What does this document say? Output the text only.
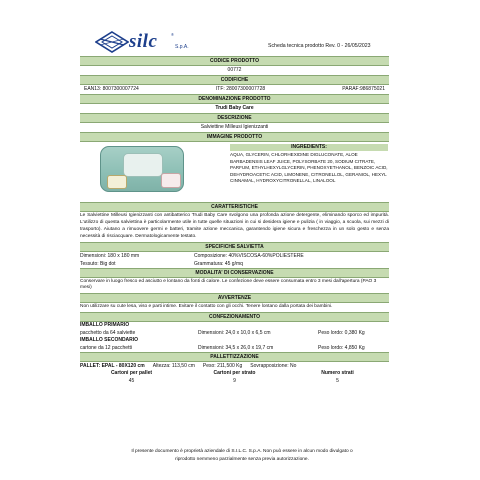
silc	®
S.p.A.	Scheda tecnica prodotto Rev. 0 - 26/05/2023
CODICE PRODOTTO
00772
CODIFICHE
EAN13: 8007300007724	ITF: 28007300007728	PARAF:986875021
DENOMINAZIONE PRODOTTO
Trudi Baby Care
DESCRIZIONE
Salviettine Millеusi Igienizzanti
IMMAGINE PRODOTTO
INGREDIENTS:
AQUA, GLYCERIN, CHLORHEXIDINE DIGLUCONATE, ALOE BARBADENSIS LEAF JUICE, POLYSORBATE 20, SODIUM CITRATE, PARFUM, ETHYLHEXYLGLYCERIN, PHENOXYETHANOL, BENZOIC ACID, DEHYDROACETIC ACID, LIMONENE, CITRONELLOL, GERANIOL, HEXYL CINNAMAL, HYDROXYCITRONELLAL, LINALOOL
CARATTERISTICHE
Le Salviettine Milleusi Igienizzanti con antibatterico Trudi Baby Care svolgono una profonda azione detergente, eliminando sporco ed impurità. L'utilizzo di questa salviettina è particolarmente utile in tutte quelle situazioni in cui si desidera igiene e pulizia ( in viaggio, a scuola, sui mezzi di trasporto). Aiutano a rimuovere germi e batteri, tramite azione meccanica, garantendo igiene sicura e freschezza in un solo gesto e senza necessità di risciacquare. Dermatologicamente testato.
SPECIFICHE SALVIETTA
Dimensioni: 180 x 180 mm	Composizione: 40%VISCOSA-60%POLIESTERE
Tessuto: Big dot	Grammatura: 45 g/mq
MODALITA' DI CONSERVAZIONE
Conservare in luogo fresco ed asciutto e lontano da fonti di calore. Le confezione deve essere consumata entro 3 mesi dall'apertura (PAO 3 mesi)
AVVERTENZE
Non utilizzare su cute lesa, viso e parti intime. Evitare il contatto con gli occhi. Tenere lontano dalla portata dei bambini.
CONFEZIONAMENTO
IMBALLO PRIMARIO
pacchetto da 64 salviette	Dimensioni: 24,0 x 10,0 x 6,5 cm	Peso lordo: 0,380 Kg
IMBALLO SECONDARIO
cartone da 12 pacchetti	Dimensioni: 34,5 x 26,0 x 19,7 cm	Peso lordo: 4,850 Kg
PALLETTIZZAZIONE
PALLET: EPAL - 80X120 cm Altezza: 113,50 cm Peso: 211,500 Kg Sovrapposizione: No
Cartoni per pallet	Cartoni per strato	Numero strati
45	9	5
Il presente documento è proprietà aziendale di S.I.L.C. S.p.A. Non può essere in alcun modo divulgato o
riprodotto nemmeno parzialmente senza previa autorizzazione.
